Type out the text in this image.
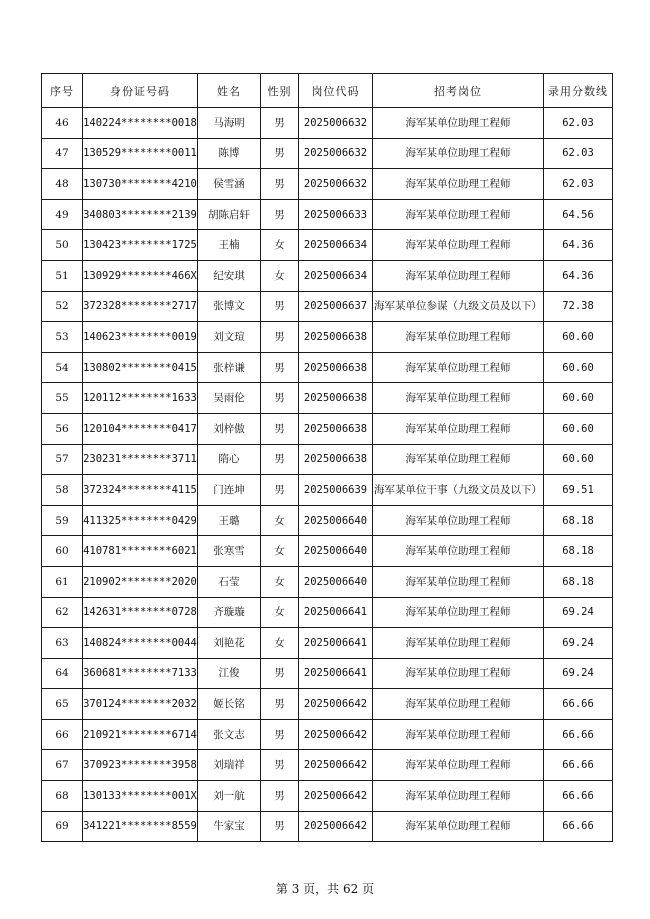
序号	身份证号码	姓名	性别	岗位代码	招考岗位	录用分数线
46	140224********0018	马海明	男	2025006632	海军某单位助理工程师	62.03
47	130529********0011	陈博	男	2025006632	海军某单位助理工程师	62.03
48	130730********4210	侯雪涵	男	2025006632	海军某单位助理工程师	62.03
49	340803********2139	胡陈启轩	男	2025006633	海军某单位助理工程师	64.56
50	130423********1725	王楠	女	2025006634	海军某单位助理工程师	64.36
51	130929********466X	纪安琪	女	2025006634	海军某单位助理工程师	64.36
52	372328********2717	张博文	男	2025006637	海军某单位参谋（九级文员及以下）	72.38
53	140623********0019	刘文瑄	男	2025006638	海军某单位助理工程师	60.60
54	130802********0415	张梓谦	男	2025006638	海军某单位助理工程师	60.60
55	120112********1633	吴雨伦	男	2025006638	海军某单位助理工程师	60.60
56	120104********0417	刘梓傲	男	2025006638	海军某单位助理工程师	60.60
57	230231********3711	隋心	男	2025006638	海军某单位助理工程师	60.60
58	372324********4115	门连坤	男	2025006639	海军某单位干事（九级文员及以下）	69.51
59	411325********0429	王璐	女	2025006640	海军某单位助理工程师	68.18
60	410781********6021	张寒雪	女	2025006640	海军某单位助理工程师	68.18
61	210902********2020	石莹	女	2025006640	海军某单位助理工程师	68.18
62	142631********0728	齐璇璇	女	2025006641	海军某单位助理工程师	69.24
63	140824********0044	刘艳花	女	2025006641	海军某单位助理工程师	69.24
64	360681********7133	江俊	男	2025006641	海军某单位助理工程师	69.24
65	370124********2032	姬长铭	男	2025006642	海军某单位助理工程师	66.66
66	210921********6714	张文志	男	2025006642	海军某单位助理工程师	66.66
67	370923********3958	刘瑞祥	男	2025006642	海军某单位助理工程师	66.66
68	130133********001X	刘一航	男	2025006642	海军某单位助理工程师	66.66
69	341221********8559	牛家宝	男	2025006642	海军某单位助理工程师	66.66
第 3 页，共 62 页
